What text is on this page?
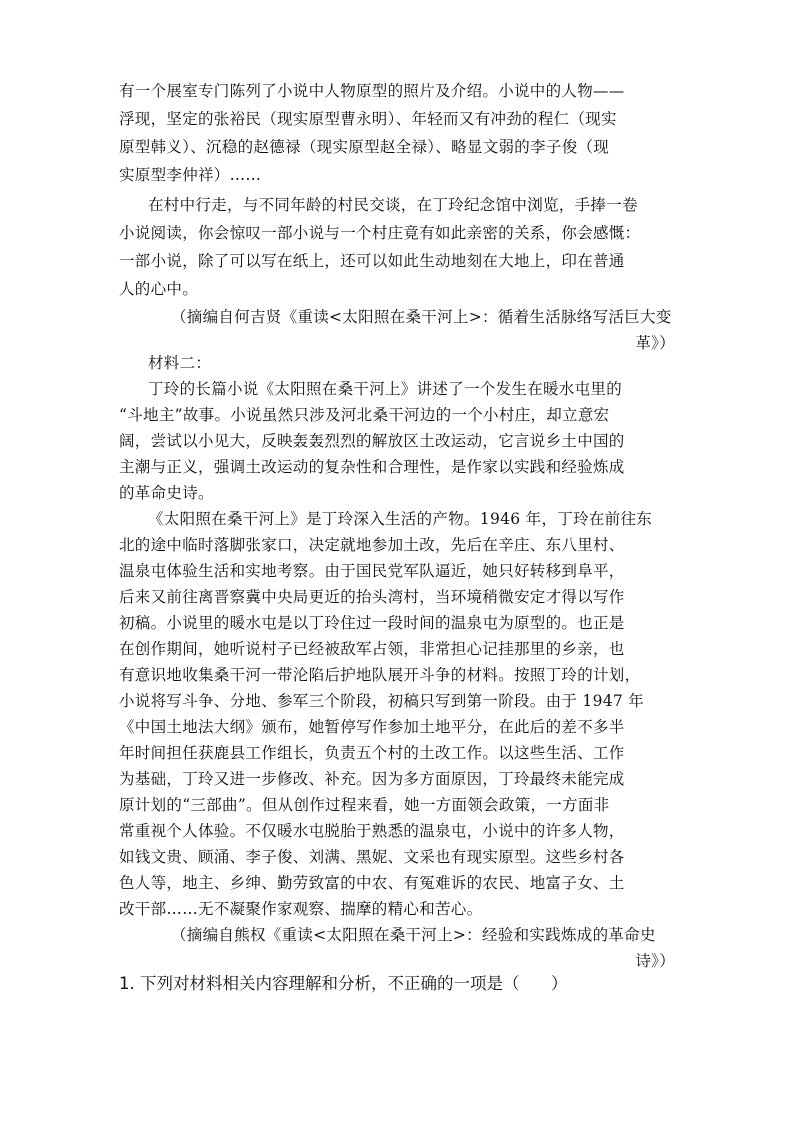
有一个展室专门陈列了小说中人物原型的照片及介绍。小说中的人物——
浮现，坚定的张裕民（现实原型曹永明）、年轻而又有冲劲的程仁（现实
原型韩义）、沉稳的赵德禄（现实原型赵全禄）、略显文弱的李子俊（现
实原型李仲祥）……
在村中行走，与不同年龄的村民交谈，在丁玲纪念馆中浏览，手捧一卷
小说阅读，你会惊叹一部小说与一个村庄竟有如此亲密的关系，你会感慨：
一部小说，除了可以写在纸上，还可以如此生动地刻在大地上，印在普通
人的心中。
（摘编自何吉贤《重读<太阳照在桑干河上>：循着生活脉络写活巨大变
革》）
材料二：
丁玲的长篇小说《太阳照在桑干河上》讲述了一个发生在暖水屯里的
“斗地主”故事。小说虽然只涉及河北桑干河边的一个小村庄，却立意宏
阔，尝试以小见大，反映轰轰烈烈的解放区土改运动，它言说乡土中国的
主潮与正义，强调土改运动的复杂性和合理性，是作家以实践和经验炼成
的革命史诗。
《太阳照在桑干河上》是丁玲深入生活的产物。1946 年，丁玲在前往东
北的途中临时落脚张家口，决定就地参加土改，先后在辛庄、东八里村、
温泉屯体验生活和实地考察。由于国民党军队逼近，她只好转移到阜平，
后来又前往离晋察冀中央局更近的抬头湾村，当环境稍微安定才得以写作
初稿。小说里的暖水屯是以丁玲住过一段时间的温泉屯为原型的。也正是
在创作期间，她听说村子已经被敌军占领，非常担心记挂那里的乡亲，也
有意识地收集桑干河一带沦陷后护地队展开斗争的材料。按照丁玲的计划，
小说将写斗争、分地、参军三个阶段，初稿只写到第一阶段。由于 1947 年
《中国土地法大纲》颁布，她暂停写作参加土地平分，在此后的差不多半
年时间担任获鹿县工作组长，负责五个村的土改工作。以这些生活、工作
为基础，丁玲又进一步修改、补充。因为多方面原因，丁玲最终未能完成
原计划的“三部曲”。但从创作过程来看，她一方面领会政策，一方面非
常重视个人体验。不仅暖水屯脱胎于熟悉的温泉屯，小说中的许多人物，
如钱文贵、顾涌、李子俊、刘满、黑妮、文采也有现实原型。这些乡村各
色人等，地主、乡绅、勤劳致富的中农、有冤难诉的农民、地富子女、土
改干部……无不凝聚作家观察、揣摩的精心和苦心。
（摘编自熊权《重读<太阳照在桑干河上>：经验和实践炼成的革命史
诗》）
1. 下列对材料相关内容理解和分析，不正确的一项是（      ）
